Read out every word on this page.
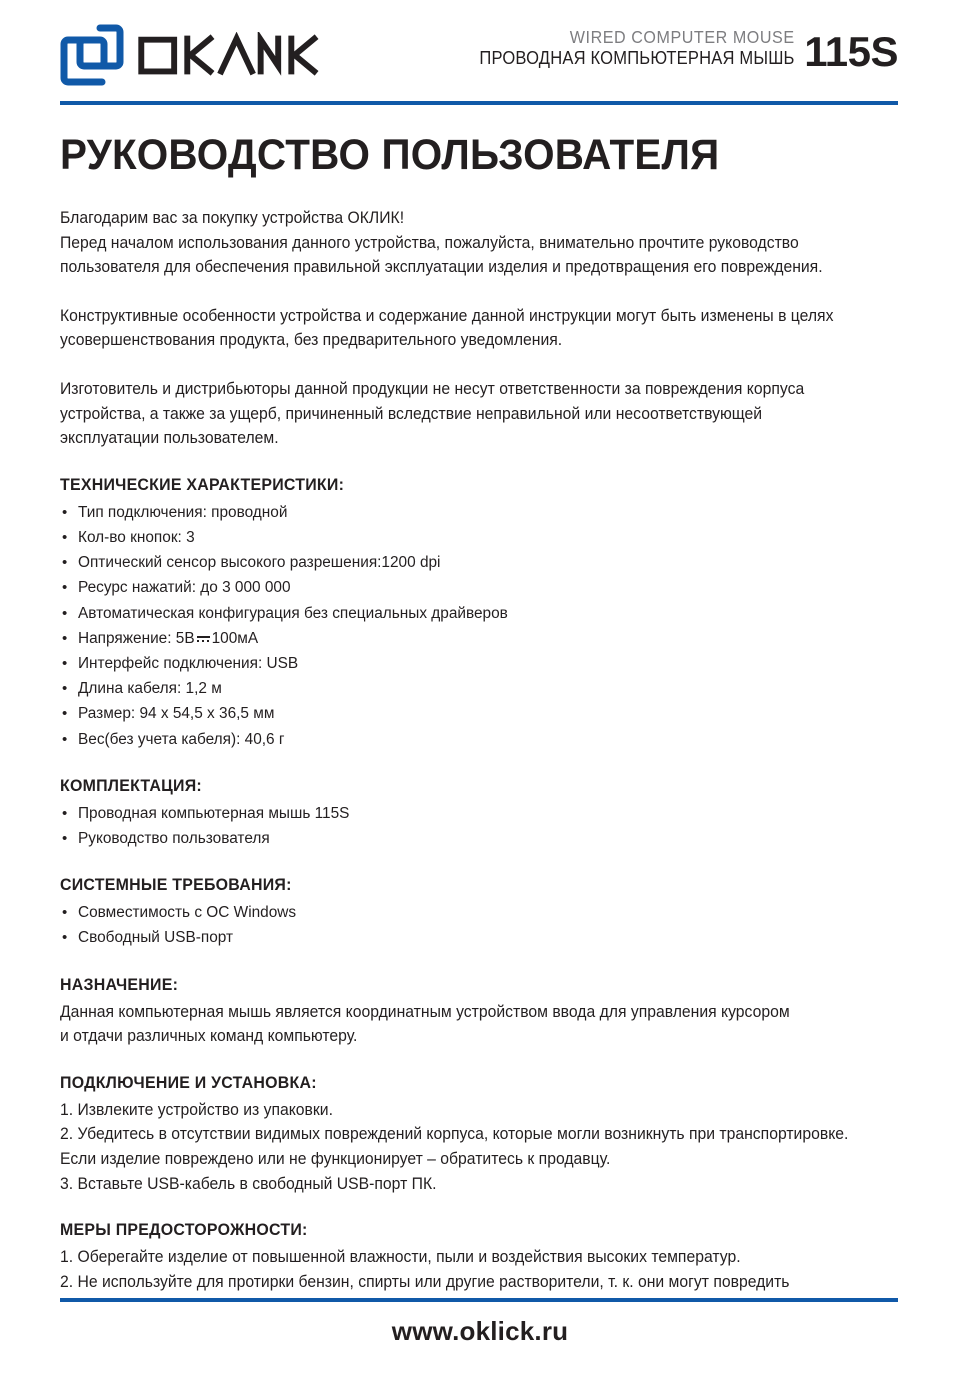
WIRED COMPUTER MOUSE
ПРОВОДНАЯ КОМПЬЮТЕРНАЯ МЫШЬ 115S
РУКОВОДСТВО ПОЛЬЗОВАТЕЛЯ

Благодарим вас за покупку устройства ОКЛИК!

Перед началом использования данного устройства, пожалуйста, внимательно прочтите руководство

пользователя для обеспечения правильной эксплуатации изделия и предотвращения его повреждения.

Конструктивные особенности устройства и содержание данной инструкции могут быть изменены в целях

усовершенствования продукта, без предварительного уведомления.

Изготовитель и дистрибьюторы данной продукции не несут ответственности за повреждения корпуса

устройства, а также за ущерб, причиненный вследствие неправильной или несоответствующей

эксплуатации пользователем.

ТЕХНИЧЕСКИЕ ХАРАКТЕРИСТИКИ:
• Тип подключения: проводной
• Кол-во кнопок: 3
• Оптический сенсор высокого разрешения:1200 dpi
• Ресурс нажатий: до 3 000 000
• Автоматическая конфигурация без специальных драйверов
• Напряжение: 5В 100мА
• Интерфейс подключения: USB
• Длина кабеля: 1,2 м
• Размер: 94 х 54,5 х 36,5 мм
• Вес(без учета кабеля): 40,6 г
КОМПЛЕКТАЦИЯ:
• Проводная компьютерная мышь 115S
• Руководство пользователя
СИСТЕМНЫЕ ТРЕБОВАНИЯ:
• Совместимость с ОС Windows
• Свободный USB-порт
НАЗНАЧЕНИЕ:

Данная компьютерная мышь является координатным устройством ввода для управления курсором

и отдачи различных команд компьютеру.

ПОДКЛЮЧЕНИЕ И УСТАНОВКА:

1. Извлеките устройство из упаковки.

2. Убедитесь в отсутствии видимых повреждений корпуса, которые могли возникнуть при транспортировке.

Если изделие повреждено или не функционирует – обратитесь к продавцу.

3. Вставьте USB-кабель в свободный USB-порт ПК.

МЕРЫ ПРЕДОСТОРОЖНОСТИ:

1. Оберегайте изделие от повышенной влажности, пыли и воздействия высоких температур.

2. Не используйте для протирки бензин, спирты или другие растворители, т. к. они могут повредить

www.oklick.ru
